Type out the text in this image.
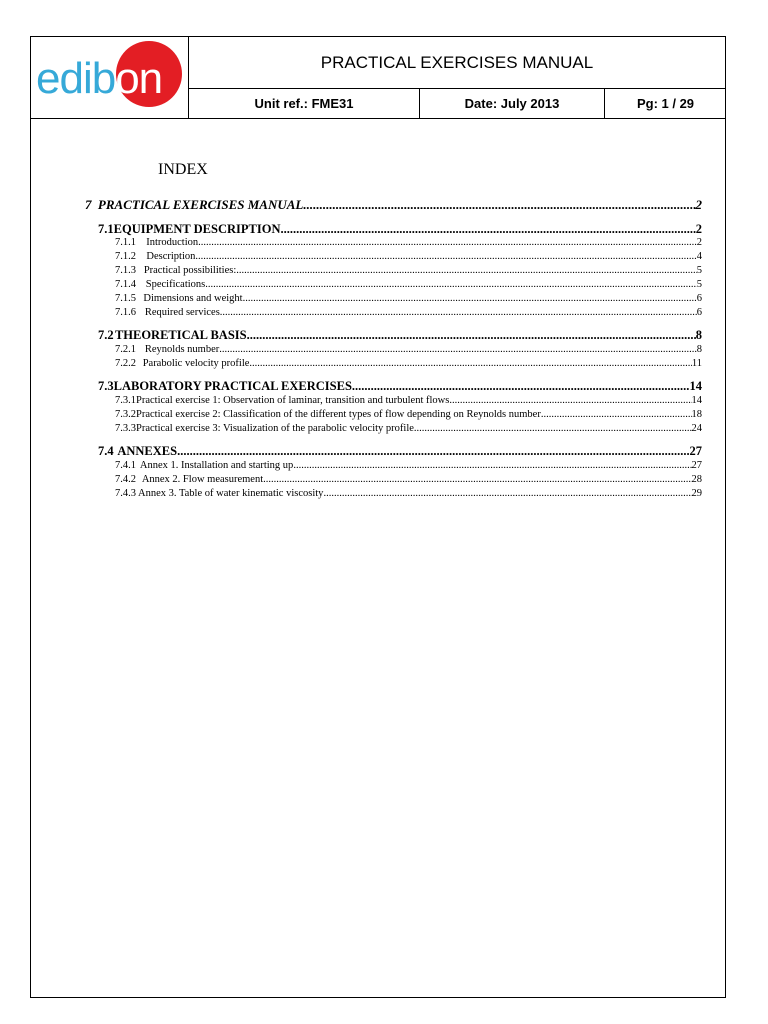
edibon	PRACTICAL EXERCISES MANUAL
Unit ref.: FME31	Date: July 2013	Pg: 1 / 29
INDEX
7 PRACTICAL EXERCISES MANUAL .....	2
7.1 EQUIPMENT DESCRIPTION .....	2
7.1.1 Introduction .....	2
7.1.2 Description .....	4
7.1.3 Practical possibilities: .....	5
7.1.4 Specifications .....	5
7.1.5 Dimensions and weight .....	6
7.1.6 Required services .....	6
7.2 THEORETICAL BASIS .....	8
7.2.1 Reynolds number .....	8
7.2.2 Parabolic velocity profile .....	11
7.3 LABORATORY PRACTICAL EXERCISES .....	14
7.3.1 Practical exercise 1: Observation of laminar, transition and turbulent flows .....	14
7.3.2 Practical exercise 2: Classification of the different types of flow depending on Reynolds number .....	18
7.3.3 Practical exercise 3: Visualization of the parabolic velocity profile .....	24
7.4 ANNEXES .....	27
7.4.1 Annex 1. Installation and starting up .....	27
7.4.2 Annex 2. Flow measurement .....	28
7.4.3 Annex 3. Table of water kinematic viscosity .....	29
